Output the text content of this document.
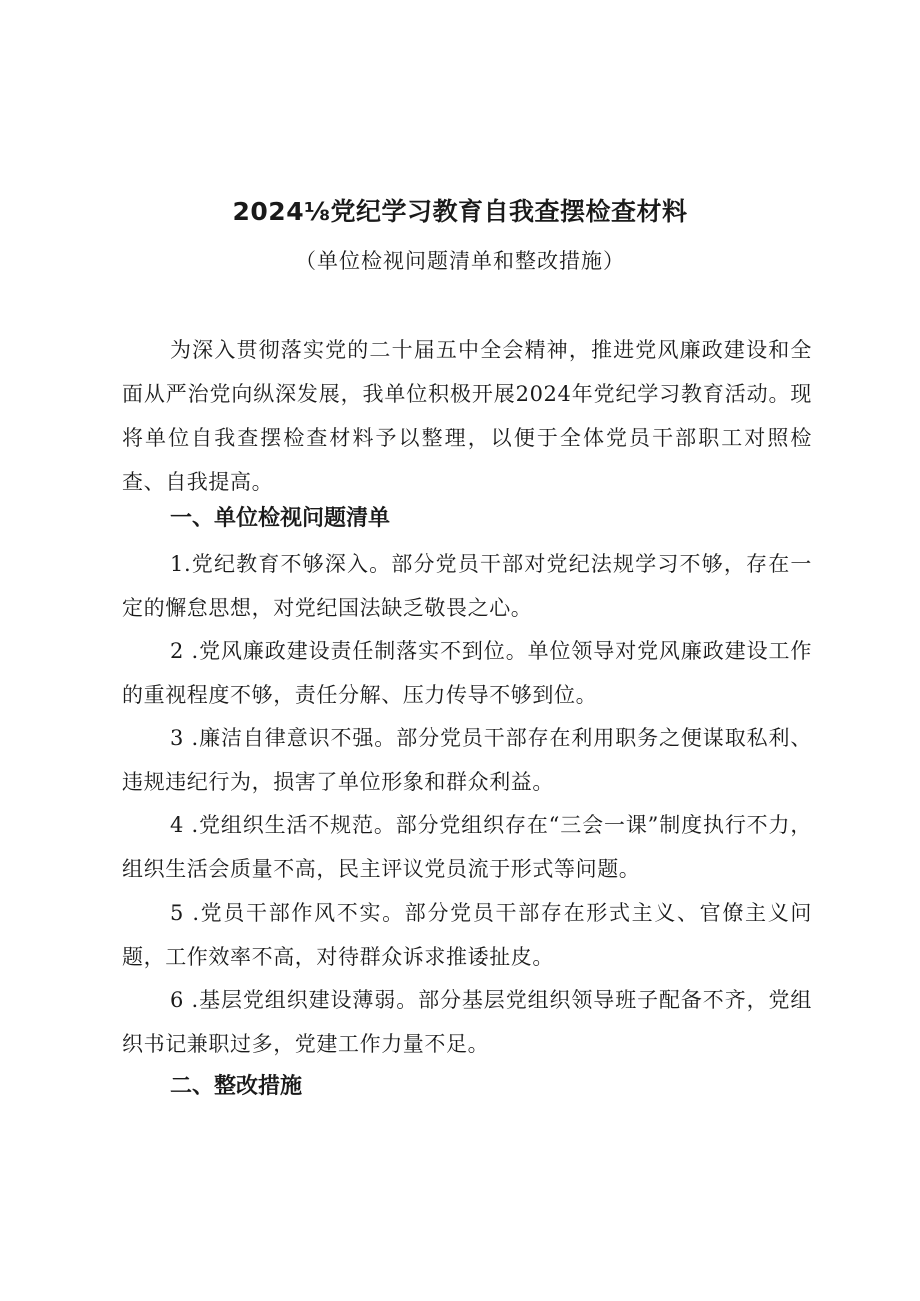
2024⅛党纪学习教育自我查摆检查材料

（单位检视问题清单和整改措施）

为深入贯彻落实党的二十届五中全会精神，推进党风廉政建设和全面从严治党向纵深发展，我单位积极开展2024年党纪学习教育活动。现将单位自我查摆检查材料予以整理，以便于全体党员干部职工对照检查、自我提高。

一、单位检视问题清单

1.党纪教育不够深入。部分党员干部对党纪法规学习不够，存在一定的懈怠思想，对党纪国法缺乏敬畏之心。

2 .党风廉政建设责任制落实不到位。单位领导对党风廉政建设工作的重视程度不够，责任分解、压力传导不够到位。

3 .廉洁自律意识不强。部分党员干部存在利用职务之便谋取私利、违规违纪行为，损害了单位形象和群众利益。

4 .党组织生活不规范。部分党组织存在“三会一课”制度执行不力，组织生活会质量不高，民主评议党员流于形式等问题。

5 .党员干部作风不实。部分党员干部存在形式主义、官僚主义问题，工作效率不高，对待群众诉求推诿扯皮。

6 .基层党组织建设薄弱。部分基层党组织领导班子配备不齐，党组织书记兼职过多，党建工作力量不足。

二、整改措施
